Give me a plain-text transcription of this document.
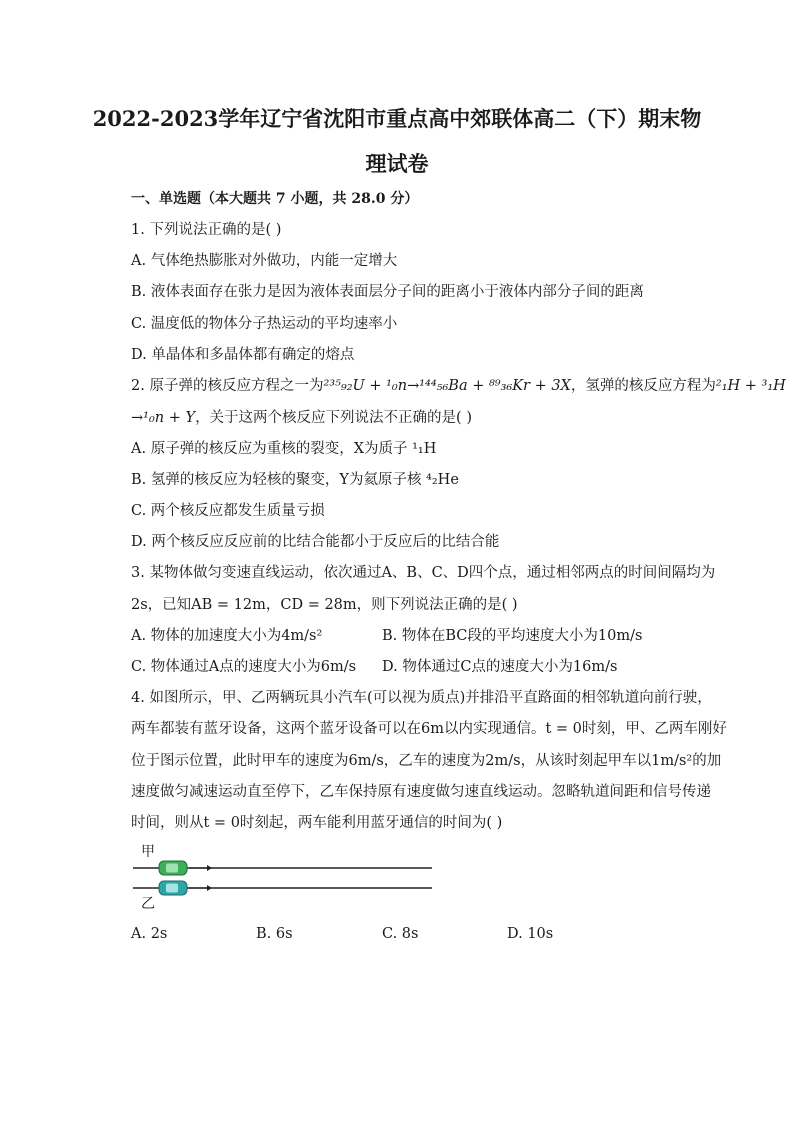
2022-2023学年辽宁省沈阳市重点高中郊联体高二（下）期末物
理试卷
一、单选题（本大题共 7 小题，共 28.0 分）
1. 下列说法正确的是( )
A. 气体绝热膨胀对外做功，内能一定增大
B. 液体表面存在张力是因为液体表面层分子间的距离小于液体内部分子间的距离
C. 温度低的物体分子热运动的平均速率小
D. 单晶体和多晶体都有确定的熔点
2. 原子弹的核反应方程之一为²³⁵₉₂U + ¹₀n→¹⁴⁴₅₆Ba + ⁸⁹₃₆Kr + 3X，氢弹的核反应方程为²₁H + ³₁H
→¹₀n + Y，关于这两个核反应下列说法不正确的是( )
A. 原子弹的核反应为重核的裂变，X为质子 ¹₁H
B. 氢弹的核反应为轻核的聚变，Y为氦原子核 ⁴₂He
C. 两个核反应都发生质量亏损
D. 两个核反应反应前的比结合能都小于反应后的比结合能
3. 某物体做匀变速直线运动，依次通过A、B、C、D四个点，通过相邻两点的时间间隔均为
2s，已知AB = 12m，CD = 28m，则下列说法正确的是( )
A. 物体的加速度大小为4m/s²	B. 物体在BC段的平均速度大小为10m/s
C. 物体通过A点的速度大小为6m/s D. 物体通过C点的速度大小为16m/s
4. 如图所示，甲、乙两辆玩具小汽车(可以视为质点)并排沿平直路面的相邻轨道向前行驶，
两车都装有蓝牙设备，这两个蓝牙设备可以在6m以内实现通信。t = 0时刻，甲、乙两车刚好
位于图示位置，此时甲车的速度为6m/s，乙车的速度为2m/s，从该时刻起甲车以1m/s²的加
速度做匀减速运动直至停下，乙车保持原有速度做匀速直线运动。忽略轨道间距和信号传递
时间，则从t = 0时刻起，两车能利用蓝牙通信的时间为( )
甲
乙
A. 2s	B. 6s	C. 8s	D. 10s
